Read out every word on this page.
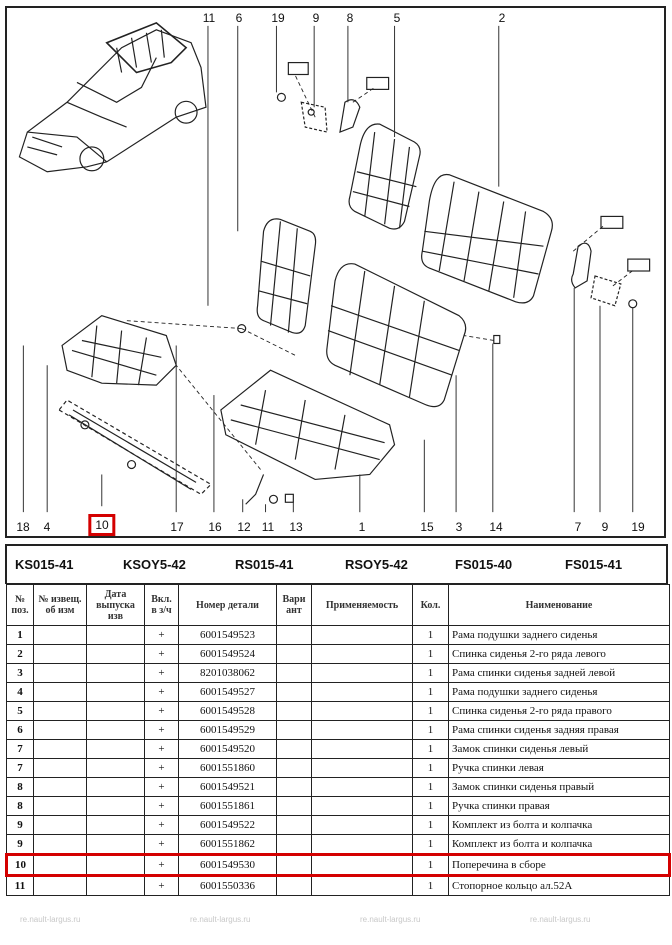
11 6 19 9 8	5	2
18 4	10	17 16 12 11 13	1	15 3 14	7 9 19
KS015-41	KSOY5-42	RS015-41	RSOY5-42	FS015-40	FS015-41
№ поз.	№ извещ. об изм	Дата выпуска изв	Вкл. в з/ч	Номер детали	Вари ант	Применяемость	Кол.	Наименование
1			+	6001549523			1	Рама подушки заднего сиденья
2			+	6001549524			1	Спинка сиденья 2-го ряда левого
3			+	8201038062			1	Рама спинки сиденья задней левой
4			+	6001549527			1	Рама подушки заднего сиденья
5			+	6001549528			1	Спинка сиденья 2-го ряда правого
6			+	6001549529			1	Рама спинки сиденья задняя правая
7			+	6001549520			1	Замок спинки сиденья левый
7			+	6001551860			1	Ручка спинки левая
8			+	6001549521			1	Замок спинки сиденья правый
8			+	6001551861			1	Ручка спинки правая
9			+	6001549522			1	Комплект из болта и колпачка
9			+	6001551862			1	Комплект из болта и колпачка
10			+	6001549530			1	Поперечина в сборе
11			+	6001550336			1	Стопорное кольцо ал.52А
re.nault-largus.ru	re.nault-largus.ru	re.nault-largus.ru	re.nault-largus.ru
